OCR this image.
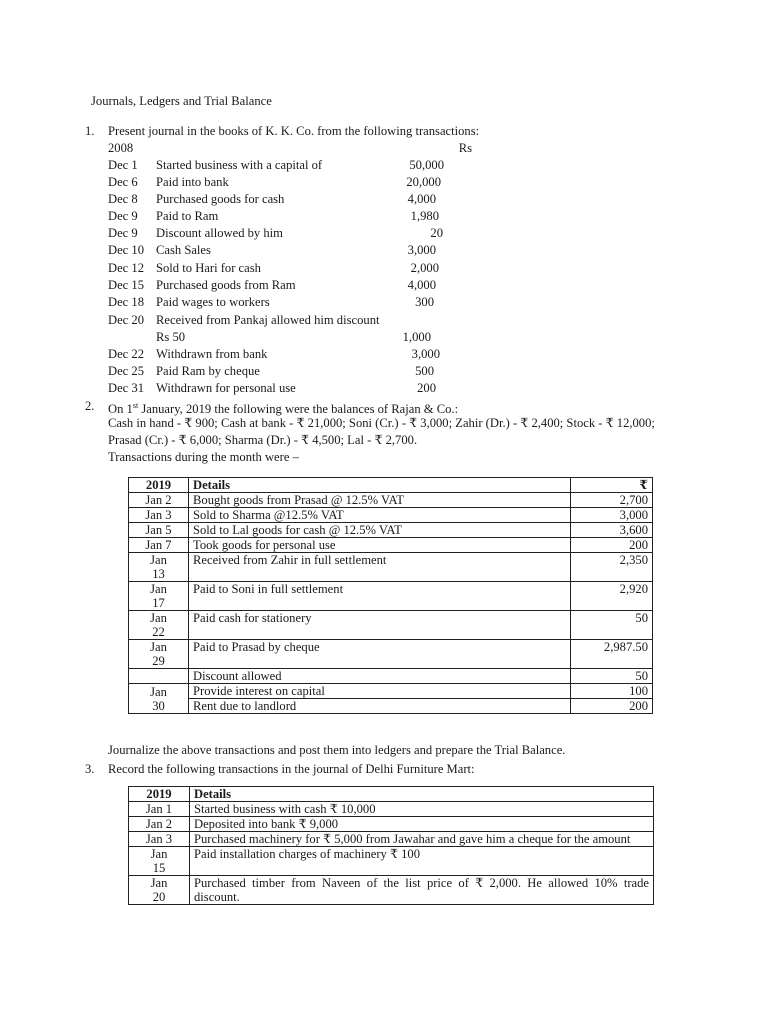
Journals, Ledgers and Trial Balance
1. Present journal in the books of K. K. Co. from the following transactions:
2008	Rs
Dec 1 Started business with a capital of	50,000
Dec 6 Paid into bank	20,000
Dec 8 Purchased goods for cash	4,000
Dec 9 Paid to Ram	1,980
Dec 9 Discount allowed by him	20
Dec 10 Cash Sales	3,000
Dec 12 Sold to Hari for cash	2,000
Dec 15 Purchased goods from Ram	4,000
Dec 18 Paid wages to workers	300
Dec 20 Received from Pankaj allowed him discount
Rs 50	1,000
Dec 22 Withdrawn from bank	3,000
Dec 25 Paid Ram by cheque	500
Dec 31 Withdrawn for personal use	200
2. On 1st January, 2019 the following were the balances of Rajan & Co.:
Cash in hand - ₹ 900; Cash at bank - ₹ 21,000; Soni (Cr.) - ₹ 3,000; Zahir (Dr.) - ₹ 2,400; Stock - ₹ 12,000;
Prasad (Cr.) - ₹ 6,000; Sharma (Dr.) - ₹ 4,500; Lal - ₹ 2,700.
Transactions during the month were –
2019	Details	₹
Jan 2	Bought goods from Prasad @ 12.5% VAT	2,700
Jan 3	Sold to Sharma @12.5% VAT	3,000
Jan 5	Sold to Lal goods for cash @ 12.5% VAT	3,600
Jan 7	Took goods for personal use	200
Jan 13	Received from Zahir in full settlement	2,350
Jan 17	Paid to Soni in full settlement	2,920
Jan 22	Paid cash for stationery	50
Jan 29	Paid to Prasad by cheque	2,987.50
	Discount allowed	50
Jan 30	Provide interest on capital	100
	Rent due to landlord	200
Journalize the above transactions and post them into ledgers and prepare the Trial Balance.
3. Record the following transactions in the journal of Delhi Furniture Mart:
2019	Details
Jan 1	Started business with cash ₹ 10,000
Jan 2	Deposited into bank ₹ 9,000
Jan 3	Purchased machinery for ₹ 5,000 from Jawahar and gave him a cheque for the amount
Jan 15	Paid installation charges of machinery ₹ 100
Jan 20	Purchased timber from Naveen of the list price of ₹ 2,000. He allowed 10% trade discount.
